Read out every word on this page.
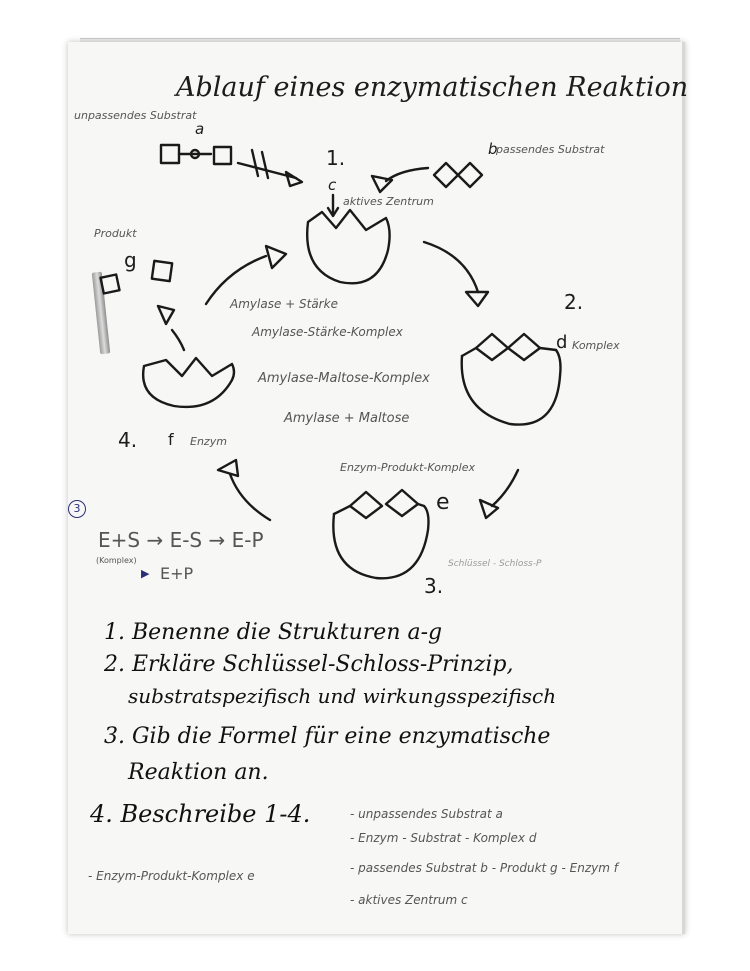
Ablauf eines enzymatischen Reaktion
unpassendes Substrat
a
1.
c
passendes Substrat
b
aktives Zentrum
Produkt
g
2.
d Komplex
4. f Enzym
Enzym-Produkt-Komplex
e
3.
Schlüssel - Schloss-P
Amylase + Stärke
Amylase-Stärke-Komplex
Amylase-Maltose-Komplex
Amylase + Maltose
3
E+S → E-S → E-P
(Komplex)
▶ E+P
1. Benenne die Strukturen a-g
2. Erkläre Schlüssel-Schloss-Prinzip,
substratspezifisch und wirkungsspezifisch
3. Gib die Formel für eine enzymatische
Reaktion an.
4. Beschreibe 1-4.	- unpassendes Substrat a
- Enzym - Substrat - Komplex d
- passendes Substrat b - Produkt g - Enzym f
- aktives Zentrum c
- Enzym-Produkt-Komplex e
